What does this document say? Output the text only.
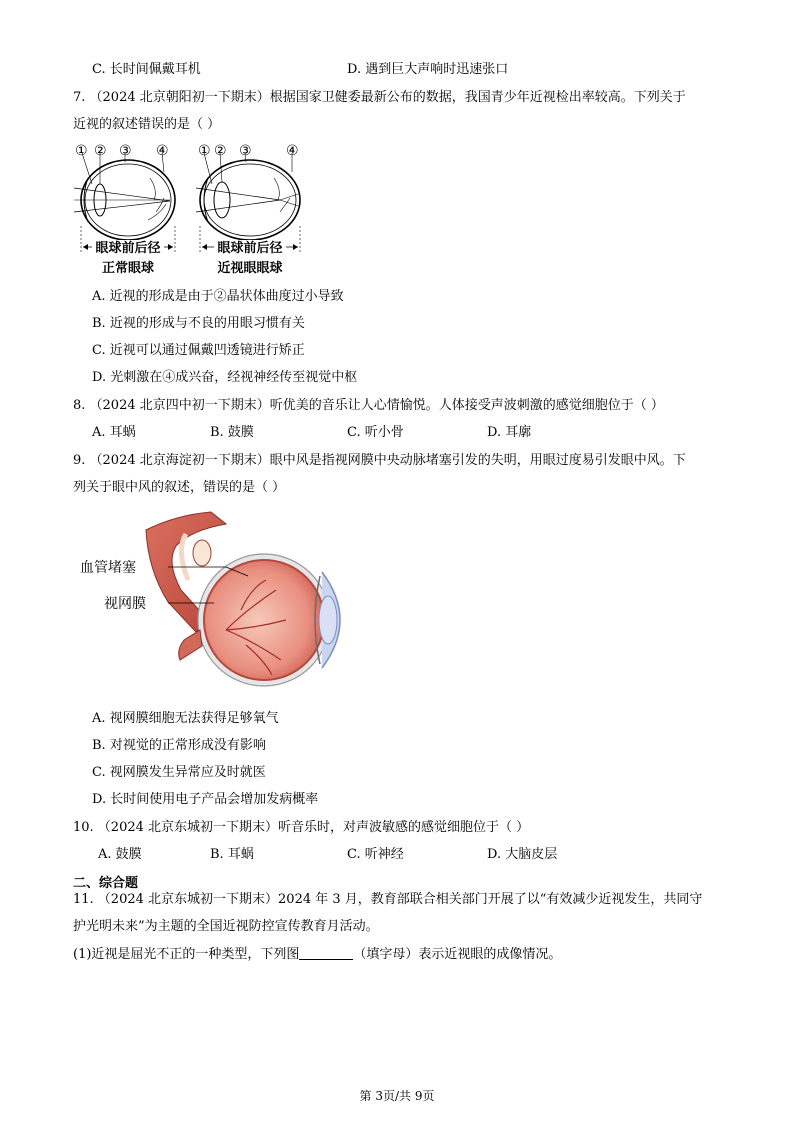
C. 长时间佩戴耳机	D. 遇到巨大声响时迅速张口
7. （2024 北京朝阳初一下期末）根据国家卫健委最新公布的数据，我国青少年近视检出率较高。下列关于
近视的叙述错误的是（ ）
① ② ③ ④ ① ② ③ ④
眼球前后径
正常眼球
眼球前后径
近视眼眼球
A. 近视的形成是由于②晶状体曲度过小导致
B. 近视的形成与不良的用眼习惯有关
C. 近视可以通过佩戴凹透镜进行矫正
D. 光刺激在④成兴奋，经视神经传至视觉中枢
8. （2024 北京四中初一下期末）听优美的音乐让人心情愉悦。人体接受声波刺激的感觉细胞位于（ ）
A. 耳蜗	B. 鼓膜	C. 听小骨	D. 耳廓
9. （2024 北京海淀初一下期末）眼中风是指视网膜中央动脉堵塞引发的失明，用眼过度易引发眼中风。下
列关于眼中风的叙述，错误的是（ ）
血管堵塞
视网膜
A. 视网膜细胞无法获得足够氧气
B. 对视觉的正常形成没有影响
C. 视网膜发生异常应及时就医
D. 长时间使用电子产品会增加发病概率
10. （2024 北京东城初一下期末）听音乐时，对声波敏感的感觉细胞位于（ ）
A. 鼓膜	B. 耳蜗	C. 听神经	D. 大脑皮层
二、综合题
11. （2024 北京东城初一下期末）2024 年 3 月，教育部联合相关部门开展了以“有效减少近视发生，共同守
护光明未来”为主题的全国近视防控宣传教育月活动。
(1)近视是屈光不正的一种类型，下列图	（填字母）表示近视眼的成像情况。
第 3页/共 9页
